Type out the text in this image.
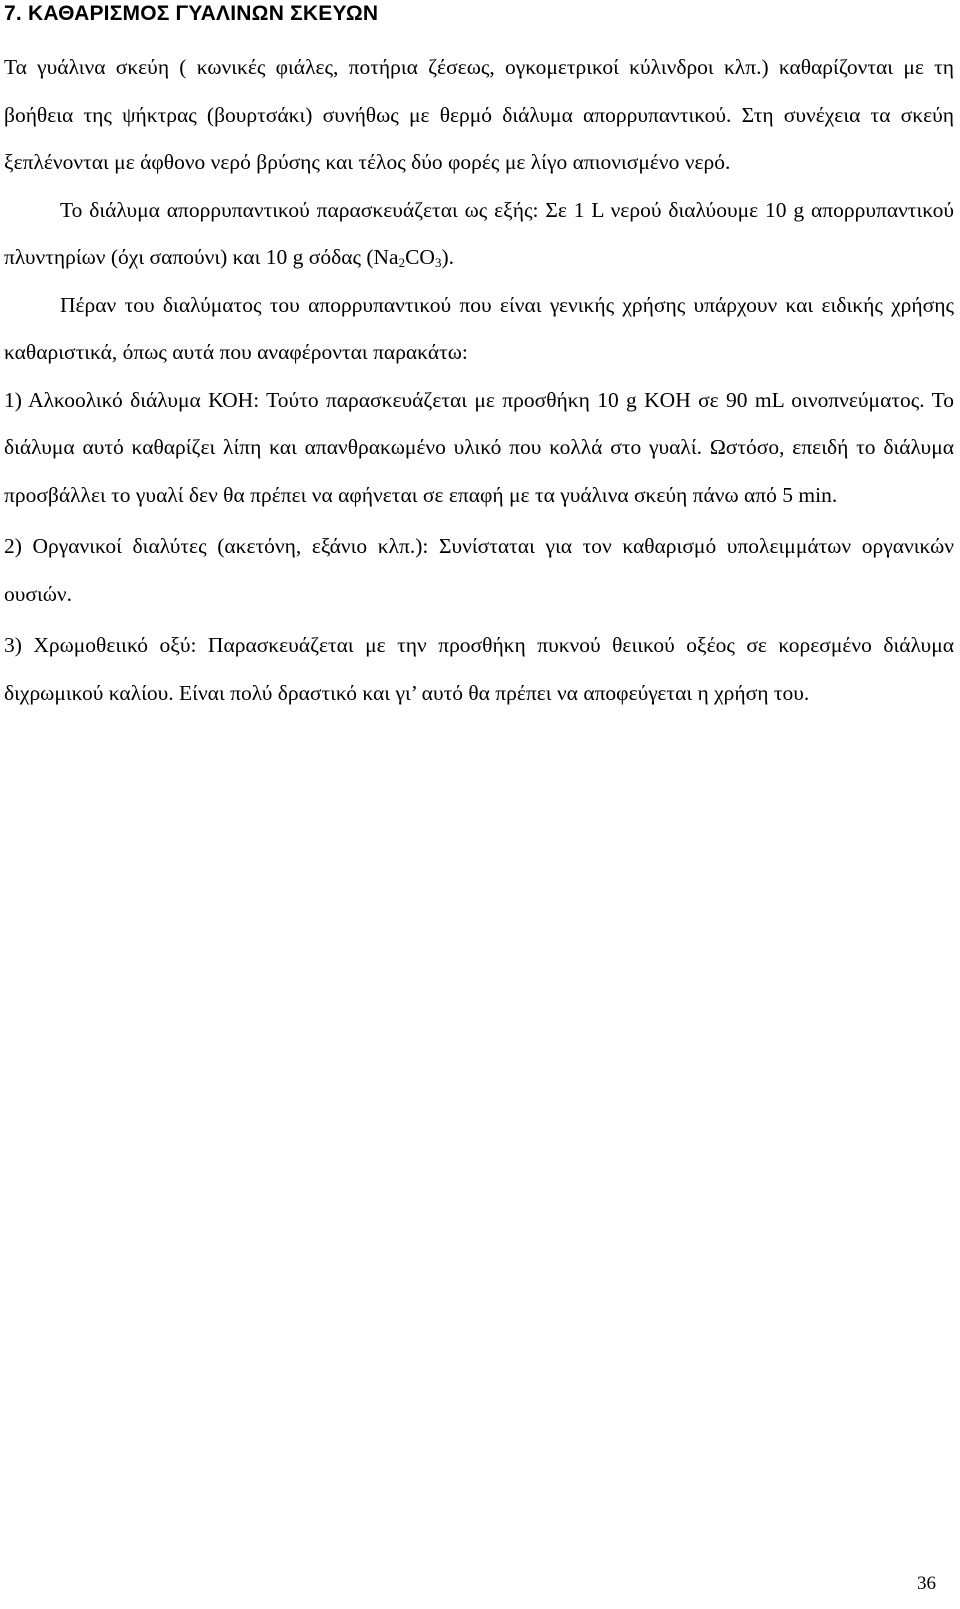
7. ΚΑΘΑΡΙΣΜΟΣ ΓΥΑΛΙΝΩΝ ΣΚΕΥΩΝ

Τα γυάλινα σκεύη ( κωνικές φιάλες, ποτήρια ζέσεως, ογκομετρικοί κύλινδροι κλπ.) καθαρίζονται με τη βοήθεια της ψήκτρας (βουρτσάκι) συνήθως με θερμό διάλυμα απορρυπαντικού. Στη συνέχεια τα σκεύη ξεπλένονται με άφθονο νερό βρύσης και τέλος δύο φορές με λίγο απιονισμένο νερό.

Το διάλυμα απορρυπαντικού παρασκευάζεται ως εξής: Σε 1 L νερού διαλύουμε 10 g απορρυπαντικού πλυντηρίων (όχι σαπούνι) και 10 g σόδας $(Na_2CO_3)$.

Πέραν του διαλύματος του απορρυπαντικού που είναι γενικής χρήσης υπάρχουν και ειδικής χρήσης καθαριστικά, όπως αυτά που αναφέρονται παρακάτω:

1) Αλκοολικό διάλυμα ΚΟΗ: Τούτο παρασκευάζεται με προσθήκη 10 g KOH σε 90 mL οινοπνεύματος. Το διάλυμα αυτό καθαρίζει λίπη και απανθρακωμένο υλικό που κολλά στο γυαλί. Ωστόσο, επειδή το διάλυμα προσβάλλει το γυαλί δεν θα πρέπει να αφήνεται σε επαφή με τα γυάλινα σκεύη πάνω από 5 min.

2) Οργανικοί διαλύτες (ακετόνη, εξάνιο κλπ.): Συνίσταται για τον καθαρισμό υπολειμμάτων οργανικών ουσιών.

3) Χρωμοθειικό οξύ: Παρασκευάζεται με την προσθήκη πυκνού θειικού οξέος σε κορεσμένο διάλυμα διχρωμικού καλίου. Είναι πολύ δραστικό και γι’ αυτό θα πρέπει να αποφεύγεται η χρήση του.

36
